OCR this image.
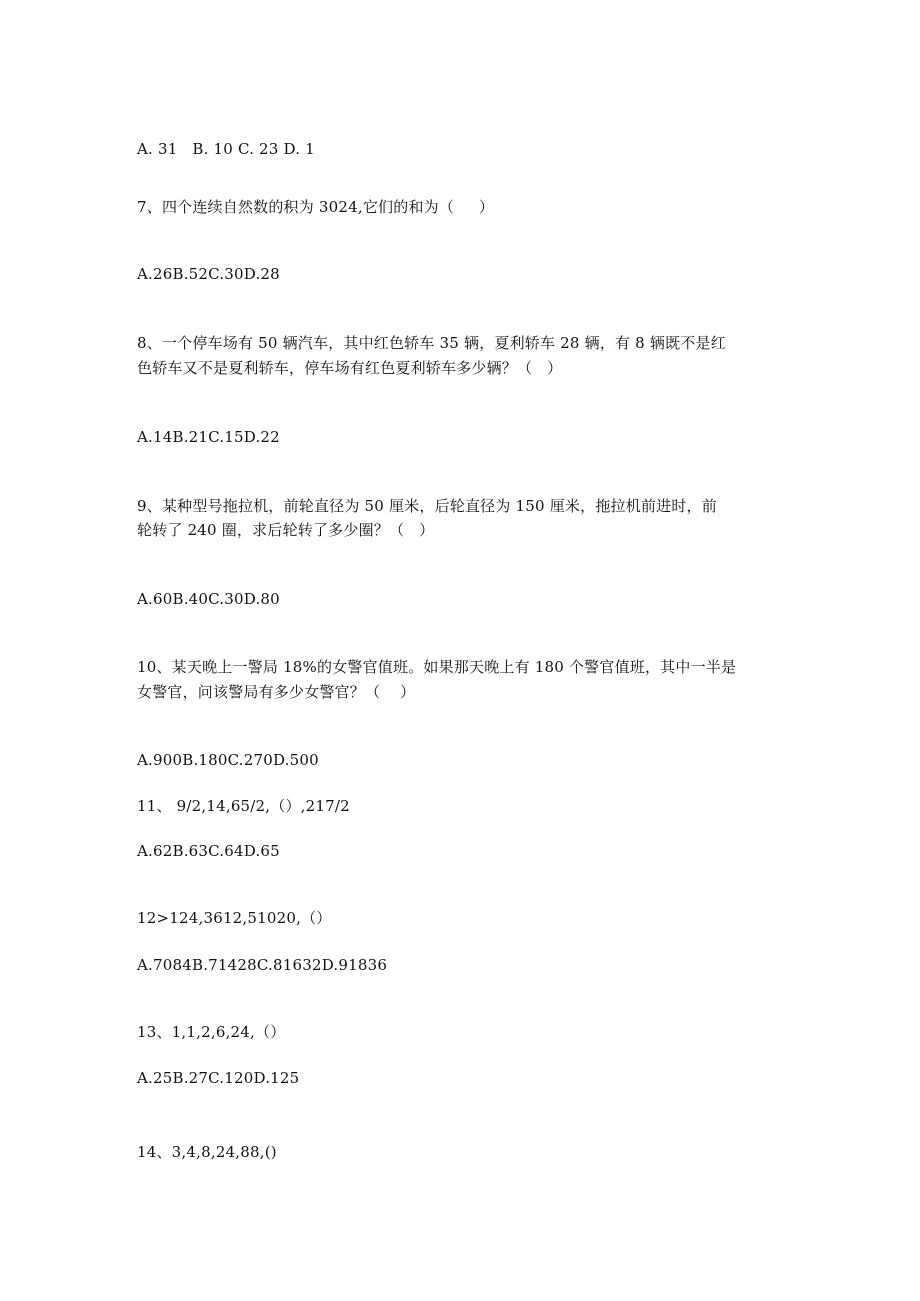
A. 31   B. 10 C. 23 D. 1
7、四个连续自然数的积为 3024,它们的和为（     ）
A.26B.52C.30D.28
8、一个停车场有 50 辆汽车，其中红色轿车 35 辆，夏利轿车 28 辆，有 8 辆既不是红
色轿车又不是夏利轿车，停车场有红色夏利轿车多少辆？（   ）
A.14B.21C.15D.22
9、某种型号拖拉机，前轮直径为 50 厘米，后轮直径为 150 厘米，拖拉机前进时，前
轮转了 240 圈，求后轮转了多少圈？（   ）
A.60B.40C.30D.80
10、某天晚上一警局 18%的女警官值班。如果那天晚上有 180 个警官值班，其中一半是
女警官，问该警局有多少女警官？（    ）
A.900B.180C.270D.500
11、 9/2,14,65/2,（）,217/2
A.62B.63C.64D.65
12>124,3612,51020,（）
A.7084B.71428C.81632D.91836
13、1,1,2,6,24,（）
A.25B.27C.120D.125
14、3,4,8,24,88,()
